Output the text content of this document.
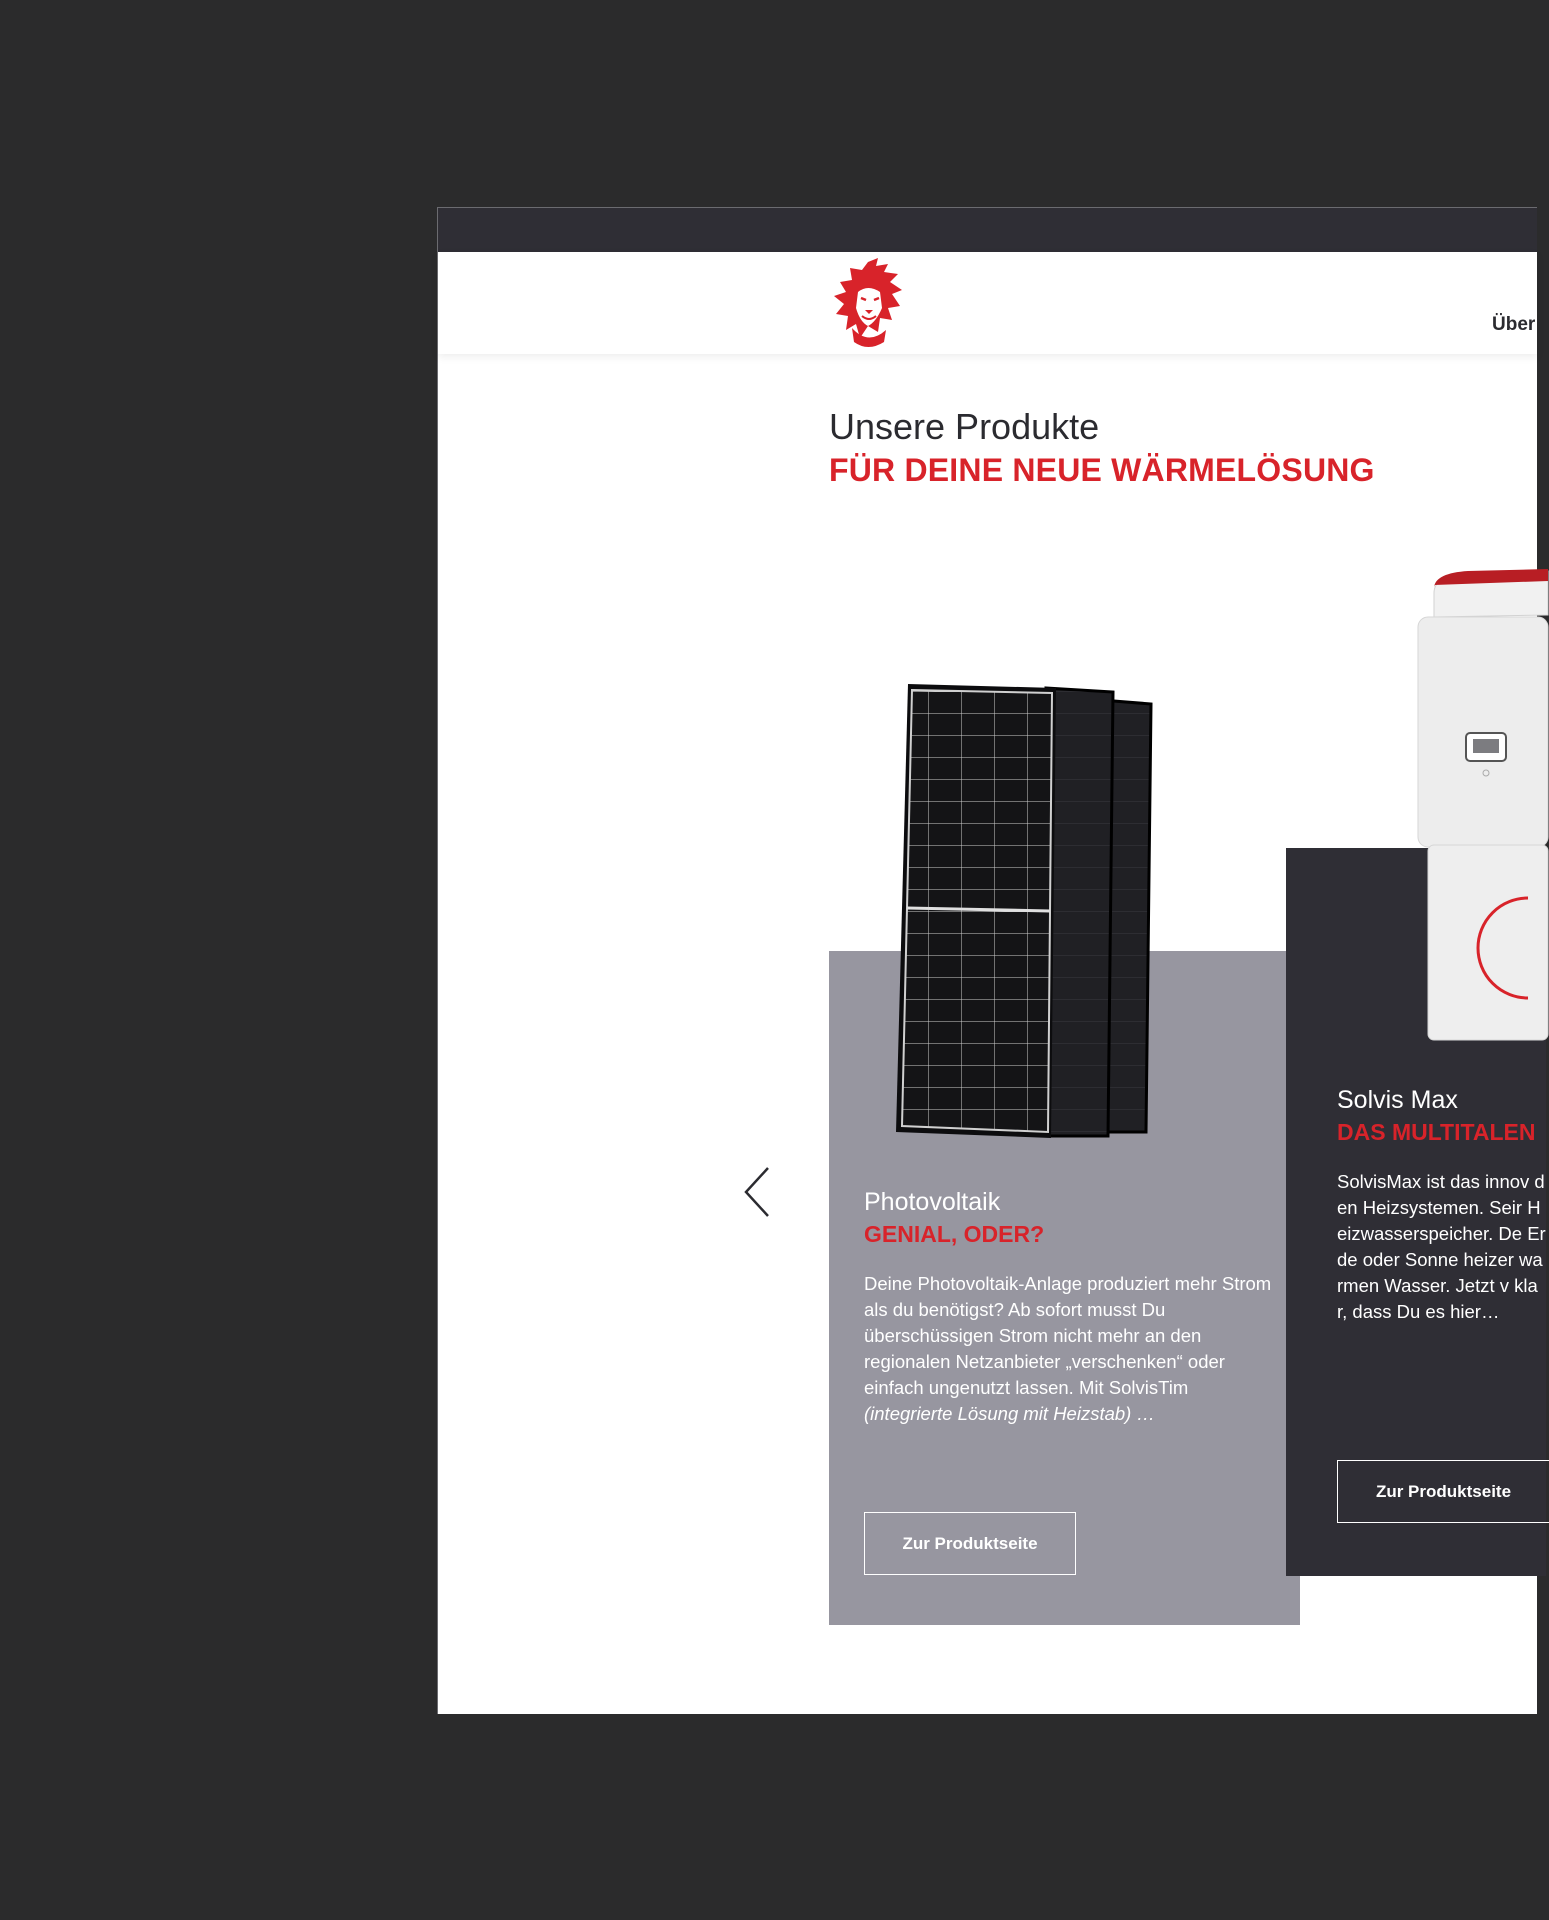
Über
Unsere Produkte
FÜR DEINE NEUE WÄRMELÖSUNG
Photovoltaik
GENIAL, ODER?
Deine Photovoltaik-Anlage produziert mehr Strom als du benötigst? Ab sofort musst Du überschüssigen Strom nicht mehr an den regionalen Netzanbieter „verschenken“ oder einfach ungenutzt lassen. Mit SolvisTim (integrierte Lösung mit Heizstab) …
Zur Produktseite
Solvis Max
DAS MULTITALEN
SolvisMax ist das innov den Heizsystemen. Seir Heizwasserspeicher. De Erde oder Sonne heizer warmen Wasser. Jetzt v klar, dass Du es hier…
Zur Produktseite
